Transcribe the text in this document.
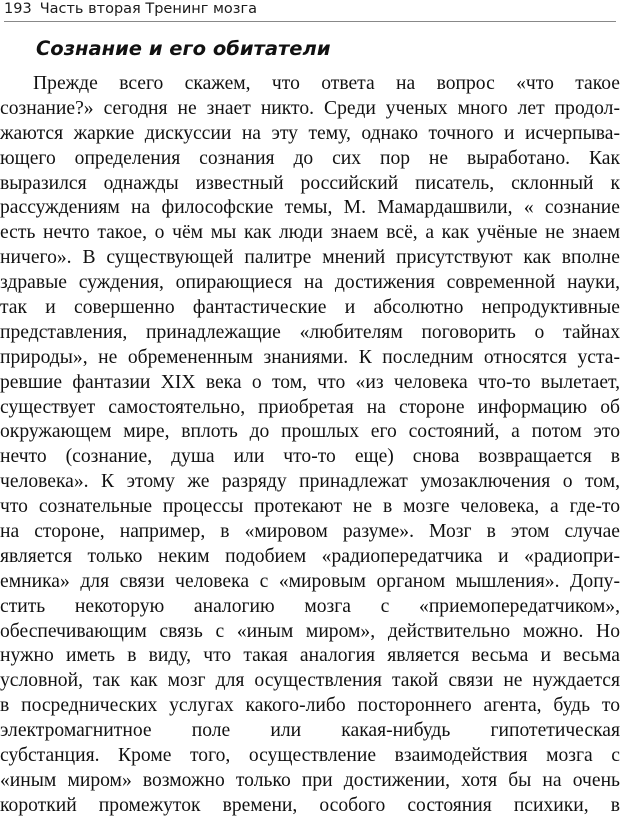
193 Часть вторая Тренинг мозга
Сознание и его обитатели
Прежде всего скажем, что ответа на вопрос «что такое
сознание?» сегодня не знает никто. Среди ученых много лет продол-
жаются жаркие дискуссии на эту тему, однако точного и исчерпыва-
ющего определения сознания до сих пор не выработано. Как
выразился однажды известный российский писатель, склонный к
рассуждениям на философские темы, М. Мамардашвили, « сознание
есть нечто такое, о чём мы как люди знаем всё, а как учёные не знаем
ничего». В существующей палитре мнений присутствуют как вполне
здравые суждения, опирающиеся на достижения современной науки,
так и совершенно фантастические и абсолютно непродуктивные
представления, принадлежащие «любителям поговорить о тайнах
природы», не обремененным знаниями. К последним относятся уста-
ревшие фантазии XIX века о том, что «из человека что-то вылетает,
существует самостоятельно, приобретая на стороне информацию об
окружающем мире, вплоть до прошлых его состояний, а потом это
нечто (сознание, душа или что-то еще) снова возвращается в
человека». К этому же разряду принадлежат умозаключения о том,
что сознательные процессы протекают не в мозге человека, а где-то
на стороне, например, в «мировом разуме». Мозг в этом случае
является только неким подобием «радиопередатчика и «радиопри-
емника» для связи человека с «мировым органом мышления». Допу-
стить некоторую аналогию мозга с «приемопередатчиком»,
обеспечивающим связь с «иным миром», действительно можно. Но
нужно иметь в виду, что такая аналогия является весьма и весьма
условной, так как мозг для осуществления такой связи не нуждается
в посреднических услугах какого-либо постороннего агента, будь то
электромагнитное поле или какая-нибудь гипотетическая
субстанция. Кроме того, осуществление взаимодействия мозга с
«иным миром» возможно только при достижении, хотя бы на очень
короткий промежуток времени, особого состояния психики, в
